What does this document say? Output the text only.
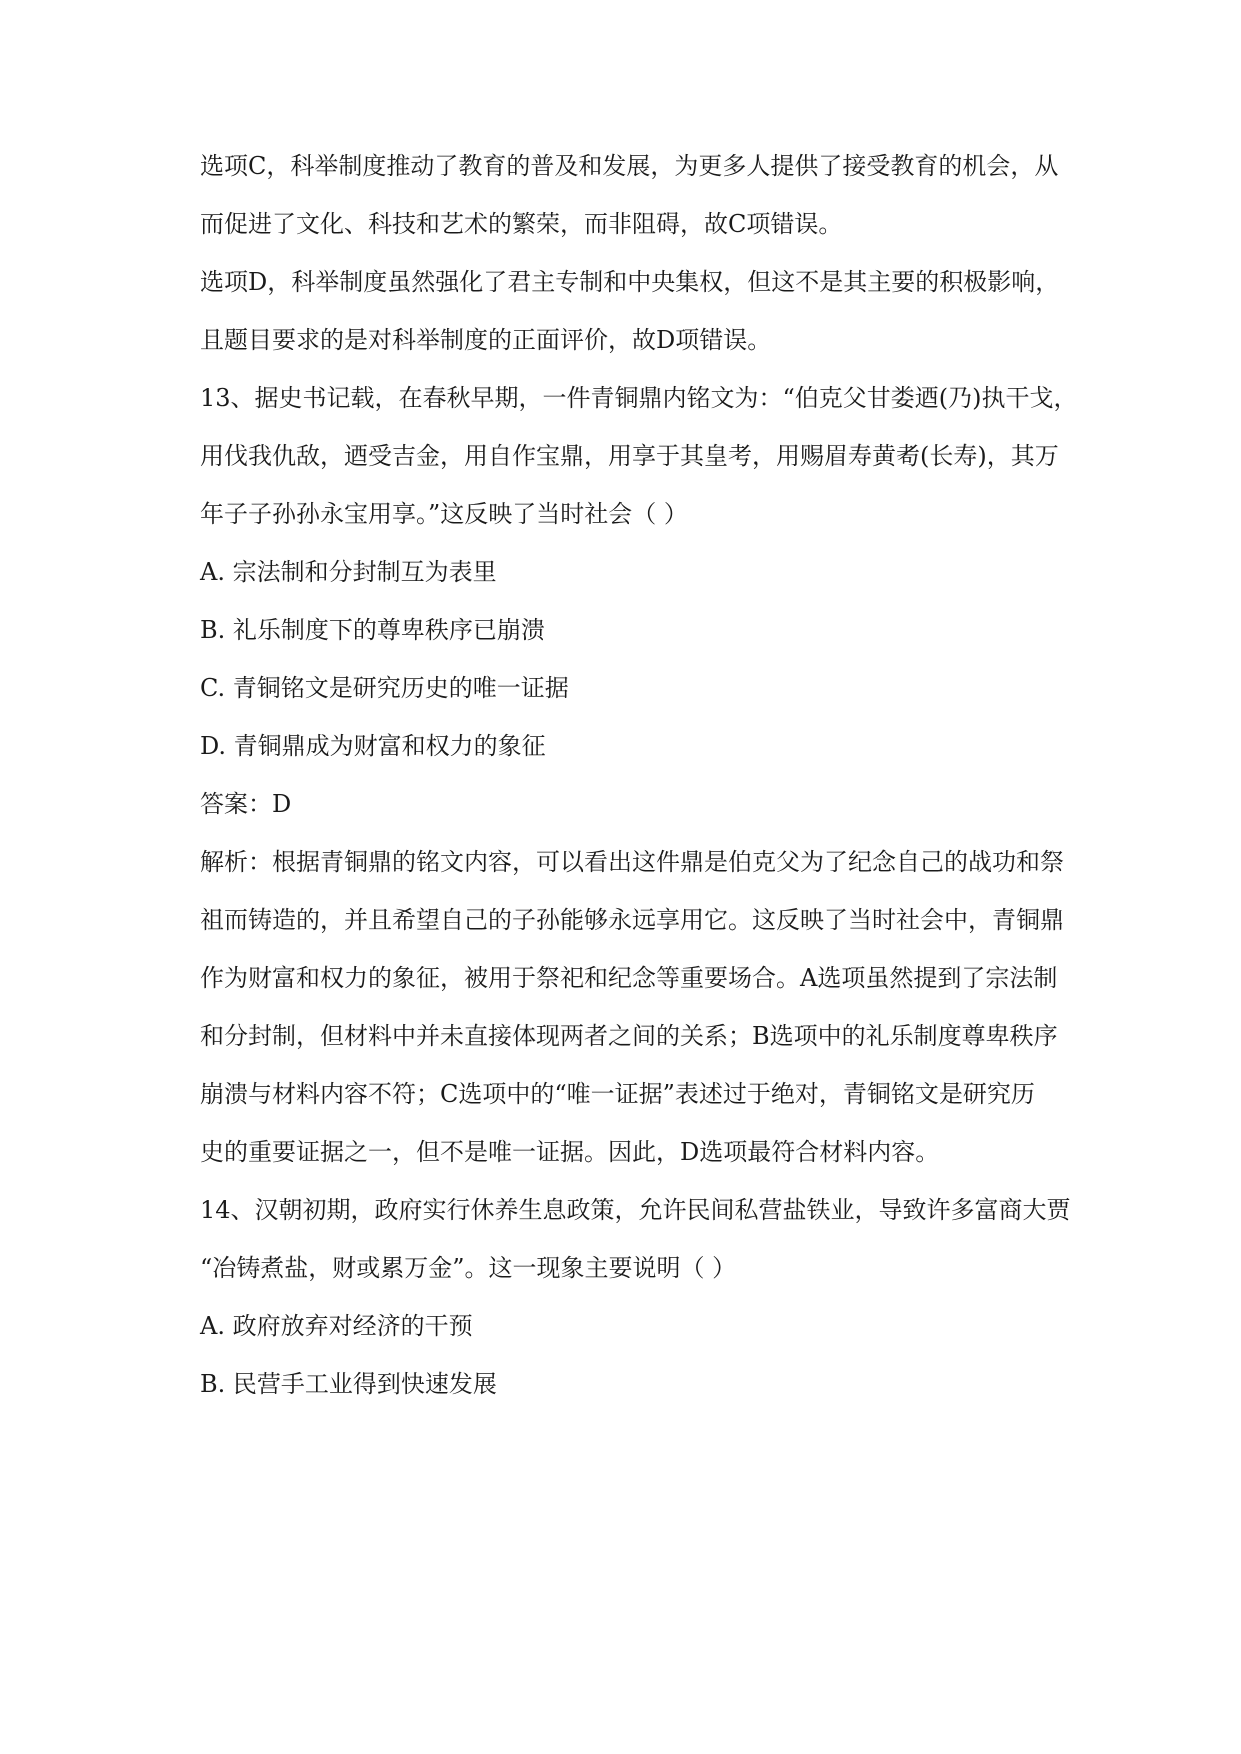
选项C，科举制度推动了教育的普及和发展，为更多人提供了接受教育的机会，从

而促进了文化、科技和艺术的繁荣，而非阻碍，故C项错误。

选项D，科举制度虽然强化了君主专制和中央集权，但这不是其主要的积极影响，

且题目要求的是对科举制度的正面评价，故D项错误。

13、据史书记载，在春秋早期，一件青铜鼎内铭文为：“伯克父甘娄迺(乃)执干戈，

用伐我仇敌，迺受吉金，用自作宝鼎，用享于其皇考，用赐眉寿黄耇(长寿)，其万

年子子孙孙永宝用享。”这反映了当时社会（ ）

A. 宗法制和分封制互为表里

B. 礼乐制度下的尊卑秩序已崩溃

C. 青铜铭文是研究历史的唯一证据

D. 青铜鼎成为财富和权力的象征

答案：D

解析：根据青铜鼎的铭文内容，可以看出这件鼎是伯克父为了纪念自己的战功和祭

祖而铸造的，并且希望自己的子孙能够永远享用它。这反映了当时社会中，青铜鼎

作为财富和权力的象征，被用于祭祀和纪念等重要场合。A选项虽然提到了宗法制

和分封制，但材料中并未直接体现两者之间的关系；B选项中的礼乐制度尊卑秩序

崩溃与材料内容不符；C选项中的“唯一证据”表述过于绝对，青铜铭文是研究历

史的重要证据之一，但不是唯一证据。因此，D选项最符合材料内容。

14、汉朝初期，政府实行休养生息政策，允许民间私营盐铁业，导致许多富商大贾

“冶铸煮盐，财或累万金”。这一现象主要说明（ ）

A. 政府放弃对经济的干预

B. 民营手工业得到快速发展
